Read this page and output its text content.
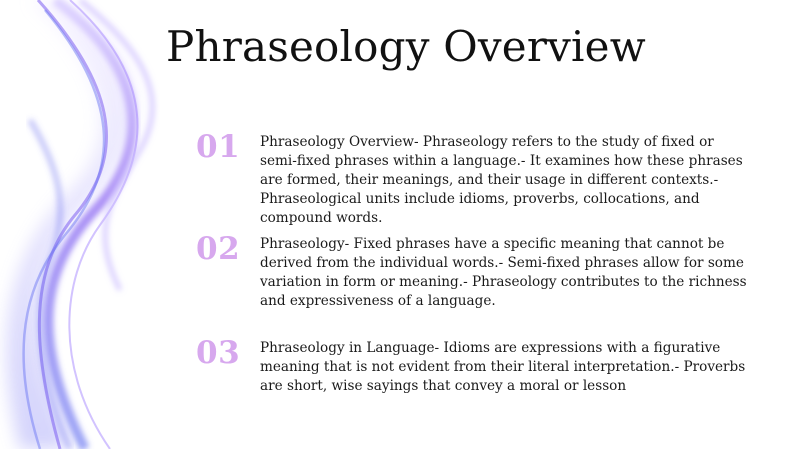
Phraseology Overview
01 Phraseology Overview- Phraseology refers to the study of fixed or semi-fixed phrases within a language.- It examines how these phrases are formed, their meanings, and their usage in different contexts.- Phraseological units include idioms, proverbs, collocations, and compound words.

02 Phraseology- Fixed phrases have a specific meaning that cannot be derived from the individual words.- Semi-fixed phrases allow for some variation in form or meaning.- Phraseology contributes to the richness and expressiveness of a language.

03 Phraseology in Language- Idioms are expressions with a figurative meaning that is not evident from their literal interpretation.- Proverbs are short, wise sayings that convey a moral or lesson
